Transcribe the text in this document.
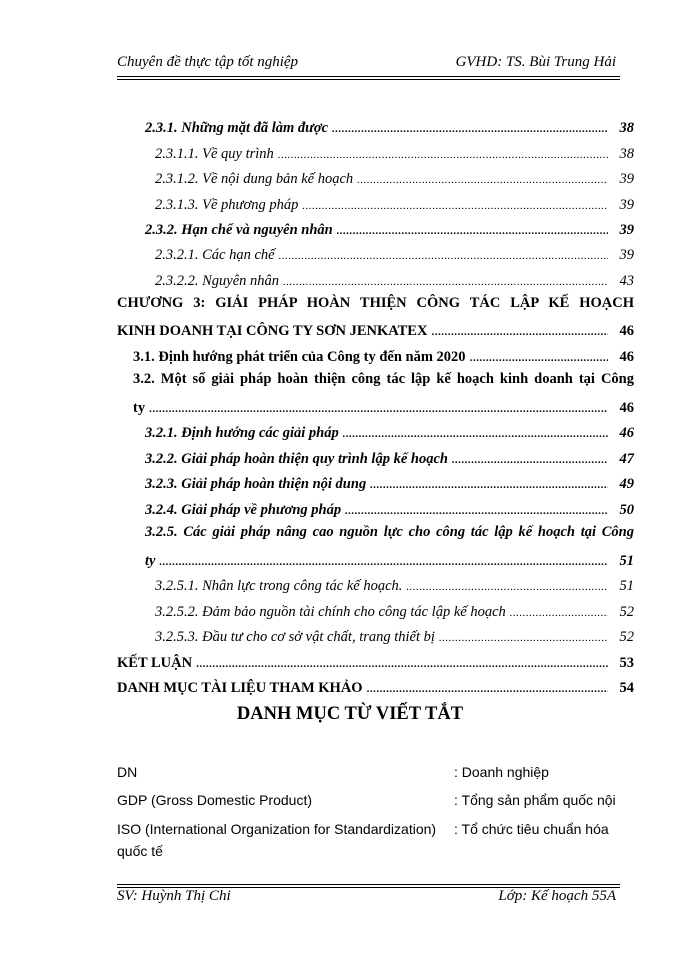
Chuyên đề thực tập tốt nghiệp	GVHD: TS. Bùi Trung Hải
2.3.1. Những mặt đã làm được .....	38
2.3.1.1. Về quy trình .....	38
2.3.1.2. Về nội dung bản kế hoạch .....	39
2.3.1.3. Về phương pháp .....	39
2.3.2. Hạn chế và nguyên nhân .....	39
2.3.2.1. Các hạn chế .....	39
2.3.2.2. Nguyên nhân .....	43
CHƯƠNG 3: GIẢI PHÁP HOÀN THIỆN CÔNG TÁC LẬP KẾ HOẠCH
KINH DOANH TẠI CÔNG TY SƠN JENKATEX .....	46
3.1. Định hướng phát triển của Công ty đến năm 2020 .....	46
3.2. Một số giải pháp hoàn thiện công tác lập kế hoạch kinh doanh tại Công
ty .....	46
3.2.1. Định hướng các giải pháp .....	46
3.2.2. Giải pháp hoàn thiện quy trình lập kế hoạch .....	47
3.2.3. Giải pháp hoàn thiện nội dung .....	49
3.2.4. Giải pháp về phương pháp .....	50
3.2.5. Các giải pháp nâng cao nguồn lực cho công tác lập kế hoạch tại Công
ty .....	51
3.2.5.1. Nhân lực trong công tác kế hoạch. .....	51
3.2.5.2. Đảm bảo nguồn tài chính cho công tác lập kế hoạch .....	52
3.2.5.3. Đầu tư cho cơ sở vật chất, trang thiết bị .....	52
KẾT LUẬN .....	53
DANH MỤC TÀI LIỆU THAM KHẢO .....	54
DANH MỤC TỪ VIẾT TẮT
DN	: Doanh nghiệp
GDP (Gross Domestic Product)	: Tổng sản phẩm quốc nội
ISO (International Organization for Standardization) : Tổ chức tiêu chuẩn hóa
quốc tế
SV: Huỳnh Thị Chi	Lớp: Kế hoạch 55A
